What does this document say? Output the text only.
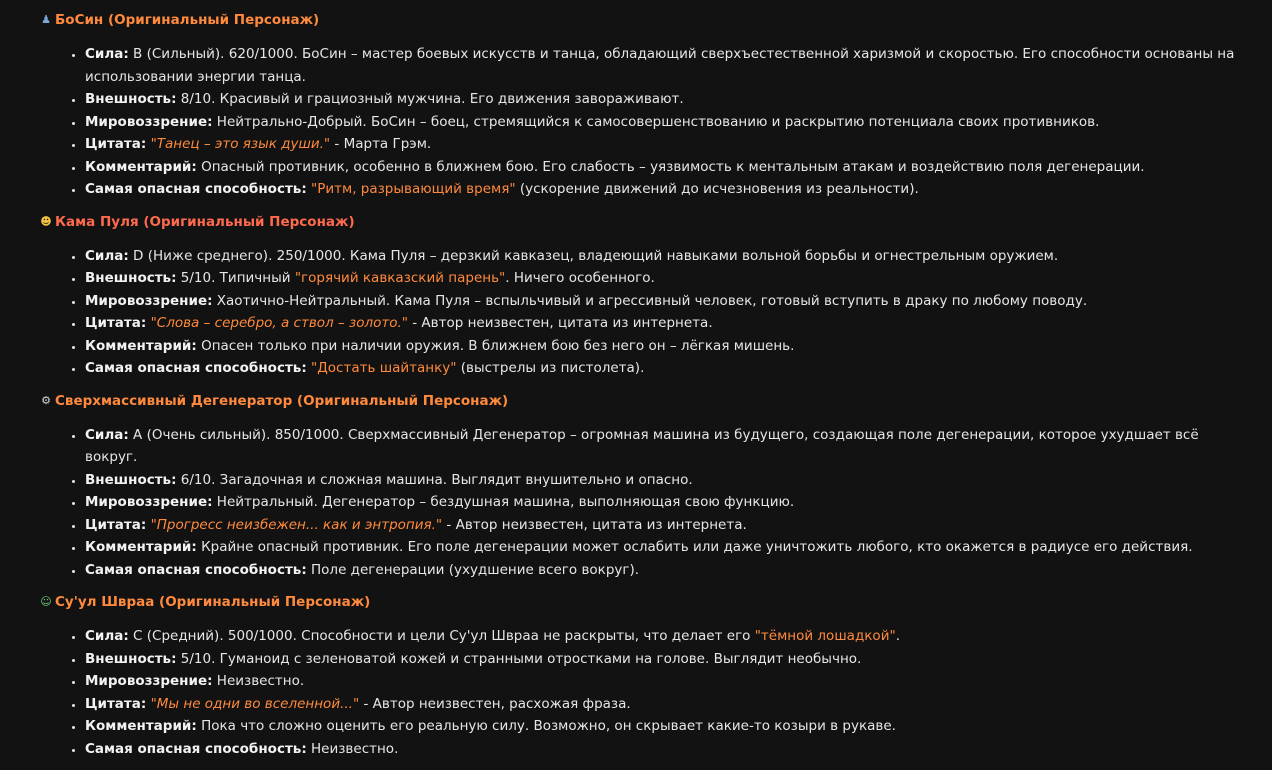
♟ БоСин (Оригинальный Персонаж)
• Сила: B (Сильный). 620/1000. БоСин – мастер боевых искусств и танца, обладающий сверхъестественной харизмой и скоростью. Его способности основаны на использовании энергии танца.
• Внешность: 8/10. Красивый и грациозный мужчина. Его движения завораживают.
• Мировоззрение: Нейтрально-Добрый. БоСин – боец, стремящийся к самосовершенствованию и раскрытию потенциала своих противников.
• Цитата: "Танец – это язык души." - Марта Грэм.
• Комментарий: Опасный противник, особенно в ближнем бою. Его слабость – уязвимость к ментальным атакам и воздействию поля дегенерации.
• Самая опасная способность: "Ритм, разрывающий время" (ускорение движений до исчезновения из реальности).
☻ Кама Пуля (Оригинальный Персонаж)
• Сила: D (Ниже среднего). 250/1000. Кама Пуля – дерзкий кавказец, владеющий навыками вольной борьбы и огнестрельным оружием.
• Внешность: 5/10. Типичный "горячий кавказский парень". Ничего особенного.
• Мировоззрение: Хаотично-Нейтральный. Кама Пуля – вспыльчивый и агрессивный человек, готовый вступить в драку по любому поводу.
• Цитата: "Слова – серебро, а ствол – золото." - Автор неизвестен, цитата из интернета.
• Комментарий: Опасен только при наличии оружия. В ближнем бою без него он – лёгкая мишень.
• Самая опасная способность: "Достать шайтанку" (выстрелы из пистолета).
⚙ Сверхмассивный Дегенератор (Оригинальный Персонаж)
• Сила: A (Очень сильный). 850/1000. Сверхмассивный Дегенератор – огромная машина из будущего, создающая поле дегенерации, которое ухудшает всё вокруг.
• Внешность: 6/10. Загадочная и сложная машина. Выглядит внушительно и опасно.
• Мировоззрение: Нейтральный. Дегенератор – бездушная машина, выполняющая свою функцию.
• Цитата: "Прогресс неизбежен... как и энтропия." - Автор неизвестен, цитата из интернета.
• Комментарий: Крайне опасный противник. Его поле дегенерации может ослабить или даже уничтожить любого, кто окажется в радиусе его действия.
• Самая опасная способность: Поле дегенерации (ухудшение всего вокруг).
☺ Су'ул Швраа (Оригинальный Персонаж)
• Сила: C (Средний). 500/1000. Способности и цели Су'ул Швраа не раскрыты, что делает его "тёмной лошадкой".
• Внешность: 5/10. Гуманоид с зеленоватой кожей и странными отростками на голове. Выглядит необычно.
• Мировоззрение: Неизвестно.
• Цитата: "Мы не одни во вселенной..." - Автор неизвестен, расхожая фраза.
• Комментарий: Пока что сложно оценить его реальную силу. Возможно, он скрывает какие-то козыри в рукаве.
• Самая опасная способность: Неизвестно.
